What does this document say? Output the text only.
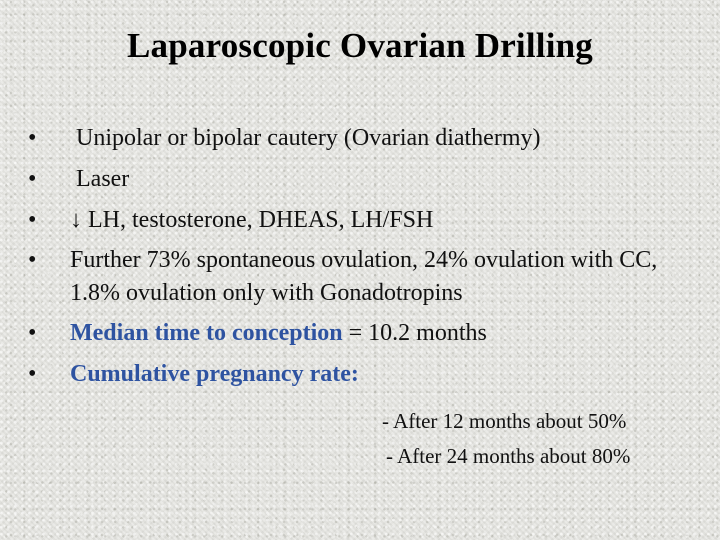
Laparoscopic Ovarian Drilling
•	Unipolar or bipolar cautery (Ovarian diathermy)
•	Laser
•	↓ LH, testosterone, DHEAS, LH/FSH
•	Further 73% spontaneous ovulation, 24% ovulation with CC, 1.8% ovulation only with Gonadotropins
•	Median time to conception = 10.2 months
•	Cumulative pregnancy rate:
- After 12 months about 50%
- After 24 months about 80%
